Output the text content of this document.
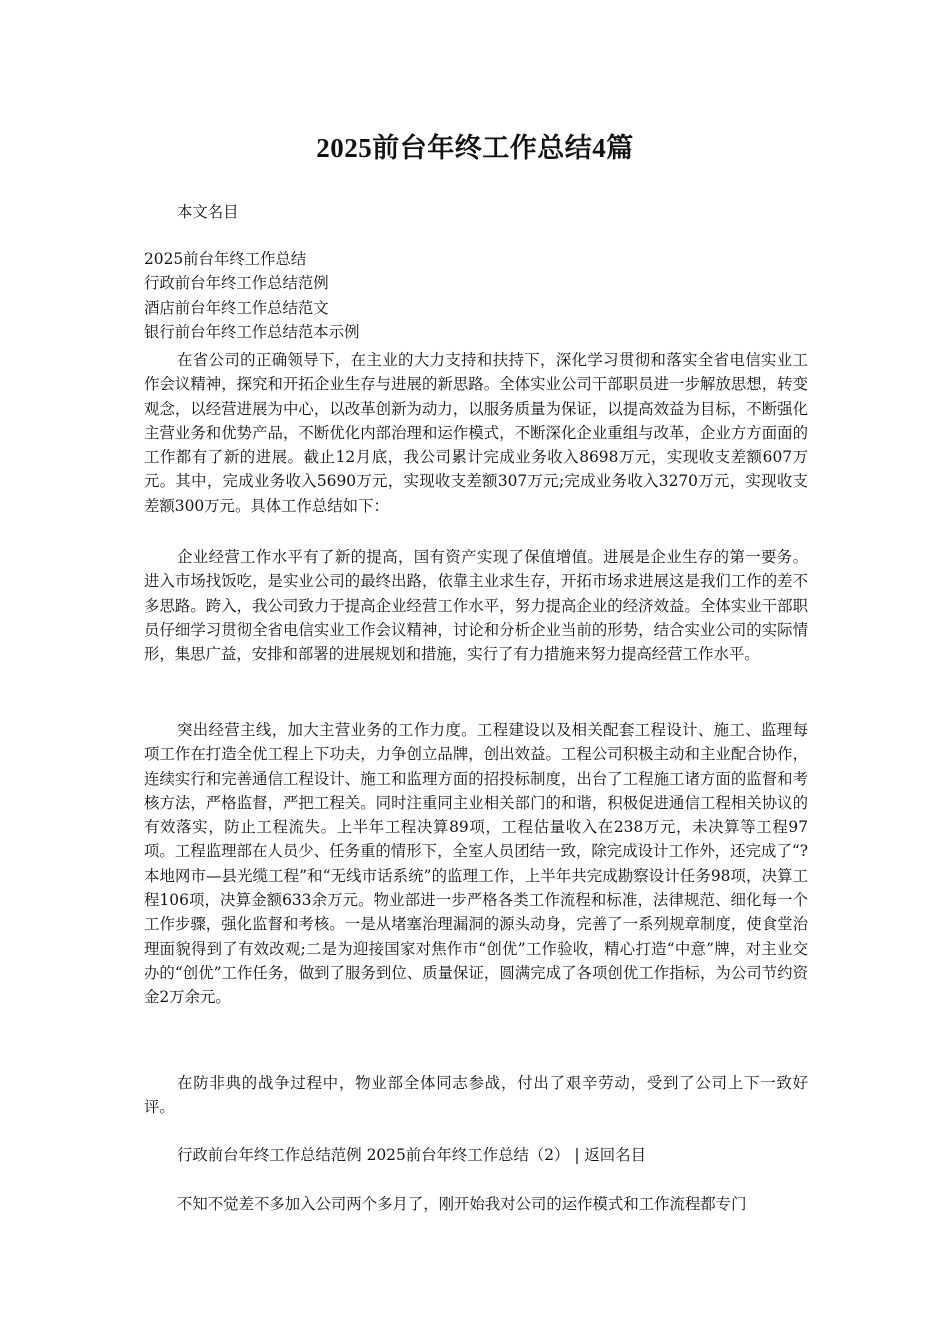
2025前台年终工作总结4篇
本文名目
2025前台年终工作总结
行政前台年终工作总结范例
酒店前台年终工作总结范文
银行前台年终工作总结范本示例

在省公司的正确领导下，在主业的大力支持和扶持下，深化学习贯彻和落实全省电信实业工作会议精神，探究和开拓企业生存与进展的新思路。全体实业公司干部职员进一步解放思想，转变观念，以经营进展为中心，以改革创新为动力，以服务质量为保证，以提高效益为目标，不断强化主营业务和优势产品，不断优化内部治理和运作模式，不断深化企业重组与改革，企业方方面面的工作都有了新的进展。截止12月底，我公司累计完成业务收入8698万元，实现收支差额607万元。其中，完成业务收入5690万元，实现收支差额307万元;完成业务收入3270万元，实现收支差额300万元。具体工作总结如下：

企业经营工作水平有了新的提高，国有资产实现了保值增值。进展是企业生存的第一要务。进入市场找饭吃，是实业公司的最终出路，依靠主业求生存，开拓市场求进展这是我们工作的差不多思路。跨入，我公司致力于提高企业经营工作水平，努力提高企业的经济效益。全体实业干部职员仔细学习贯彻全省电信实业工作会议精神，讨论和分析企业当前的形势，结合实业公司的实际情形，集思广益，安排和部署的进展规划和措施，实行了有力措施来努力提高经营工作水平。

突出经营主线，加大主营业务的工作力度。工程建设以及相关配套工程设计、施工、监理每项工作在打造全优工程上下功夫，力争创立品牌，创出效益。工程公司积极主动和主业配合协作，连续实行和完善通信工程设计、施工和监理方面的招投标制度，出台了工程施工诸方面的监督和考核方法，严格监督，严把工程关。同时注重同主业相关部门的和谐，积极促进通信工程相关协议的有效落实，防止工程流失。上半年工程决算89项，工程估量收入在238万元，未决算等工程97项。工程监理部在人员少、任务重的情形下，全室人员团结一致，除完成设计工作外，还完成了“?本地网市—县光缆工程”和“无线市话系统”的监理工作，上半年共完成勘察设计任务98项，决算工程106项，决算金额633余万元。物业部进一步严格各类工作流程和标准，法律规范、细化每一个工作步骤，强化监督和考核。一是从堵塞治理漏洞的源头动身，完善了一系列规章制度，使食堂治理面貌得到了有效改观;二是为迎接国家对焦作市“创优”工作验收，精心打造“中意”牌，对主业交办的“创优”工作任务，做到了服务到位、质量保证，圆满完成了各项创优工作指标，为公司节约资金2万余元。

在防非典的战争过程中，物业部全体同志参战，付出了艰辛劳动，受到了公司上下一致好评。

行政前台年终工作总结范例 2025前台年终工作总结（2） | 返回名目

不知不觉差不多加入公司两个多月了，刚开始我对公司的运作模式和工作流程都专门
